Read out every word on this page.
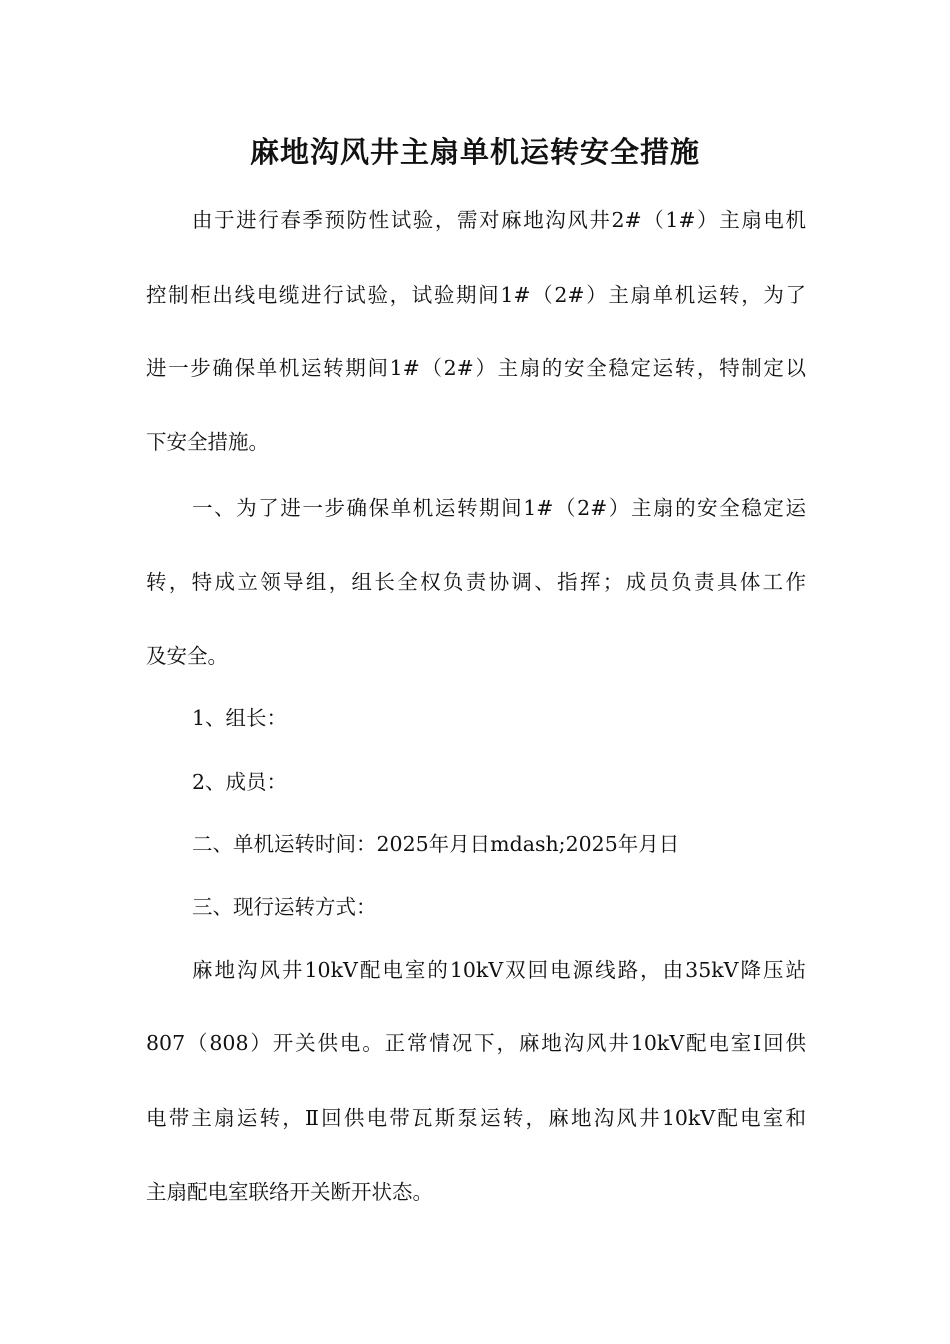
麻地沟风井主扇单机运转安全措施
由于进行春季预防性试验，需对麻地沟风井2#（1#）主扇电机
控制柜出线电缆进行试验，试验期间1#（2#）主扇单机运转，为了
进一步确保单机运转期间1#（2#）主扇的安全稳定运转，特制定以
下安全措施。
一、为了进一步确保单机运转期间1#（2#）主扇的安全稳定运
转，特成立领导组，组长全权负责协调、指挥；成员负责具体工作
及安全。
1、组长：
2、成员：
二、单机运转时间：2025年月日mdash;2025年月日
三、现行运转方式：
麻地沟风井10kV配电室的10kV双回电源线路，由35kV降压站
807（808）开关供电。正常情况下，麻地沟风井10kV配电室Ⅰ回供
电带主扇运转，Ⅱ回供电带瓦斯泵运转，麻地沟风井10kV配电室和
主扇配电室联络开关断开状态。
